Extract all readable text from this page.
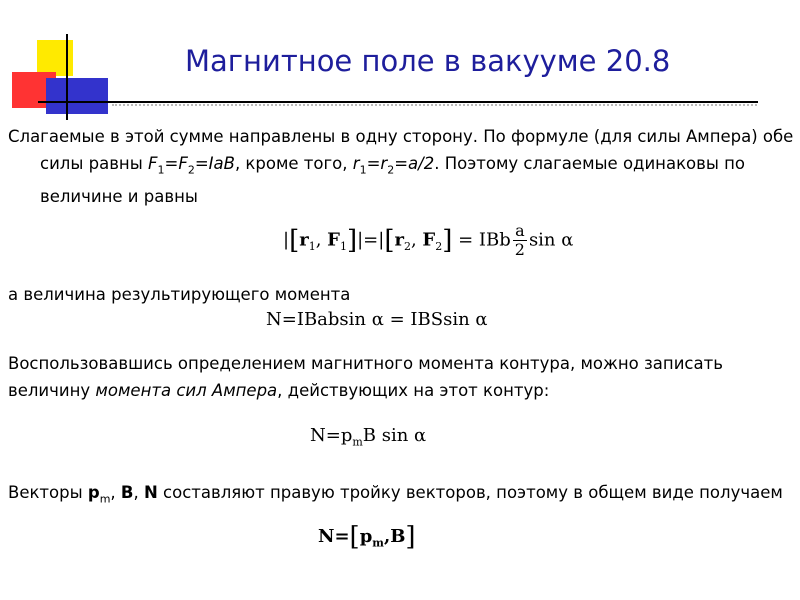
Магнитное поле в вакууме 20.8
Слагаемые в этой сумме направлены в одну сторону. По формуле (для силы Ампера) обе силы равны $F_1=F_2=IaB$, кроме того, $r_1=r_2=a/2$. Поэтому слагаемые одинаковы по величине и равны
$|[r_1$, $F_1]|=|[r_2$, $F_2$] = IBb $\frac{a}{2}$ sin α
а величина результирующего момента
N=IBabsin α = IBSsin α
Воспользовавшись определением магнитного момента контура, можно записать величину момента сил Ампера, действующих на этот контур:
$N=p_mB$ sin α
Векторы $p_m$, B, N составляют правую тройку векторов, поэтому в общем виде получаем
$N=[p_m,B]$
